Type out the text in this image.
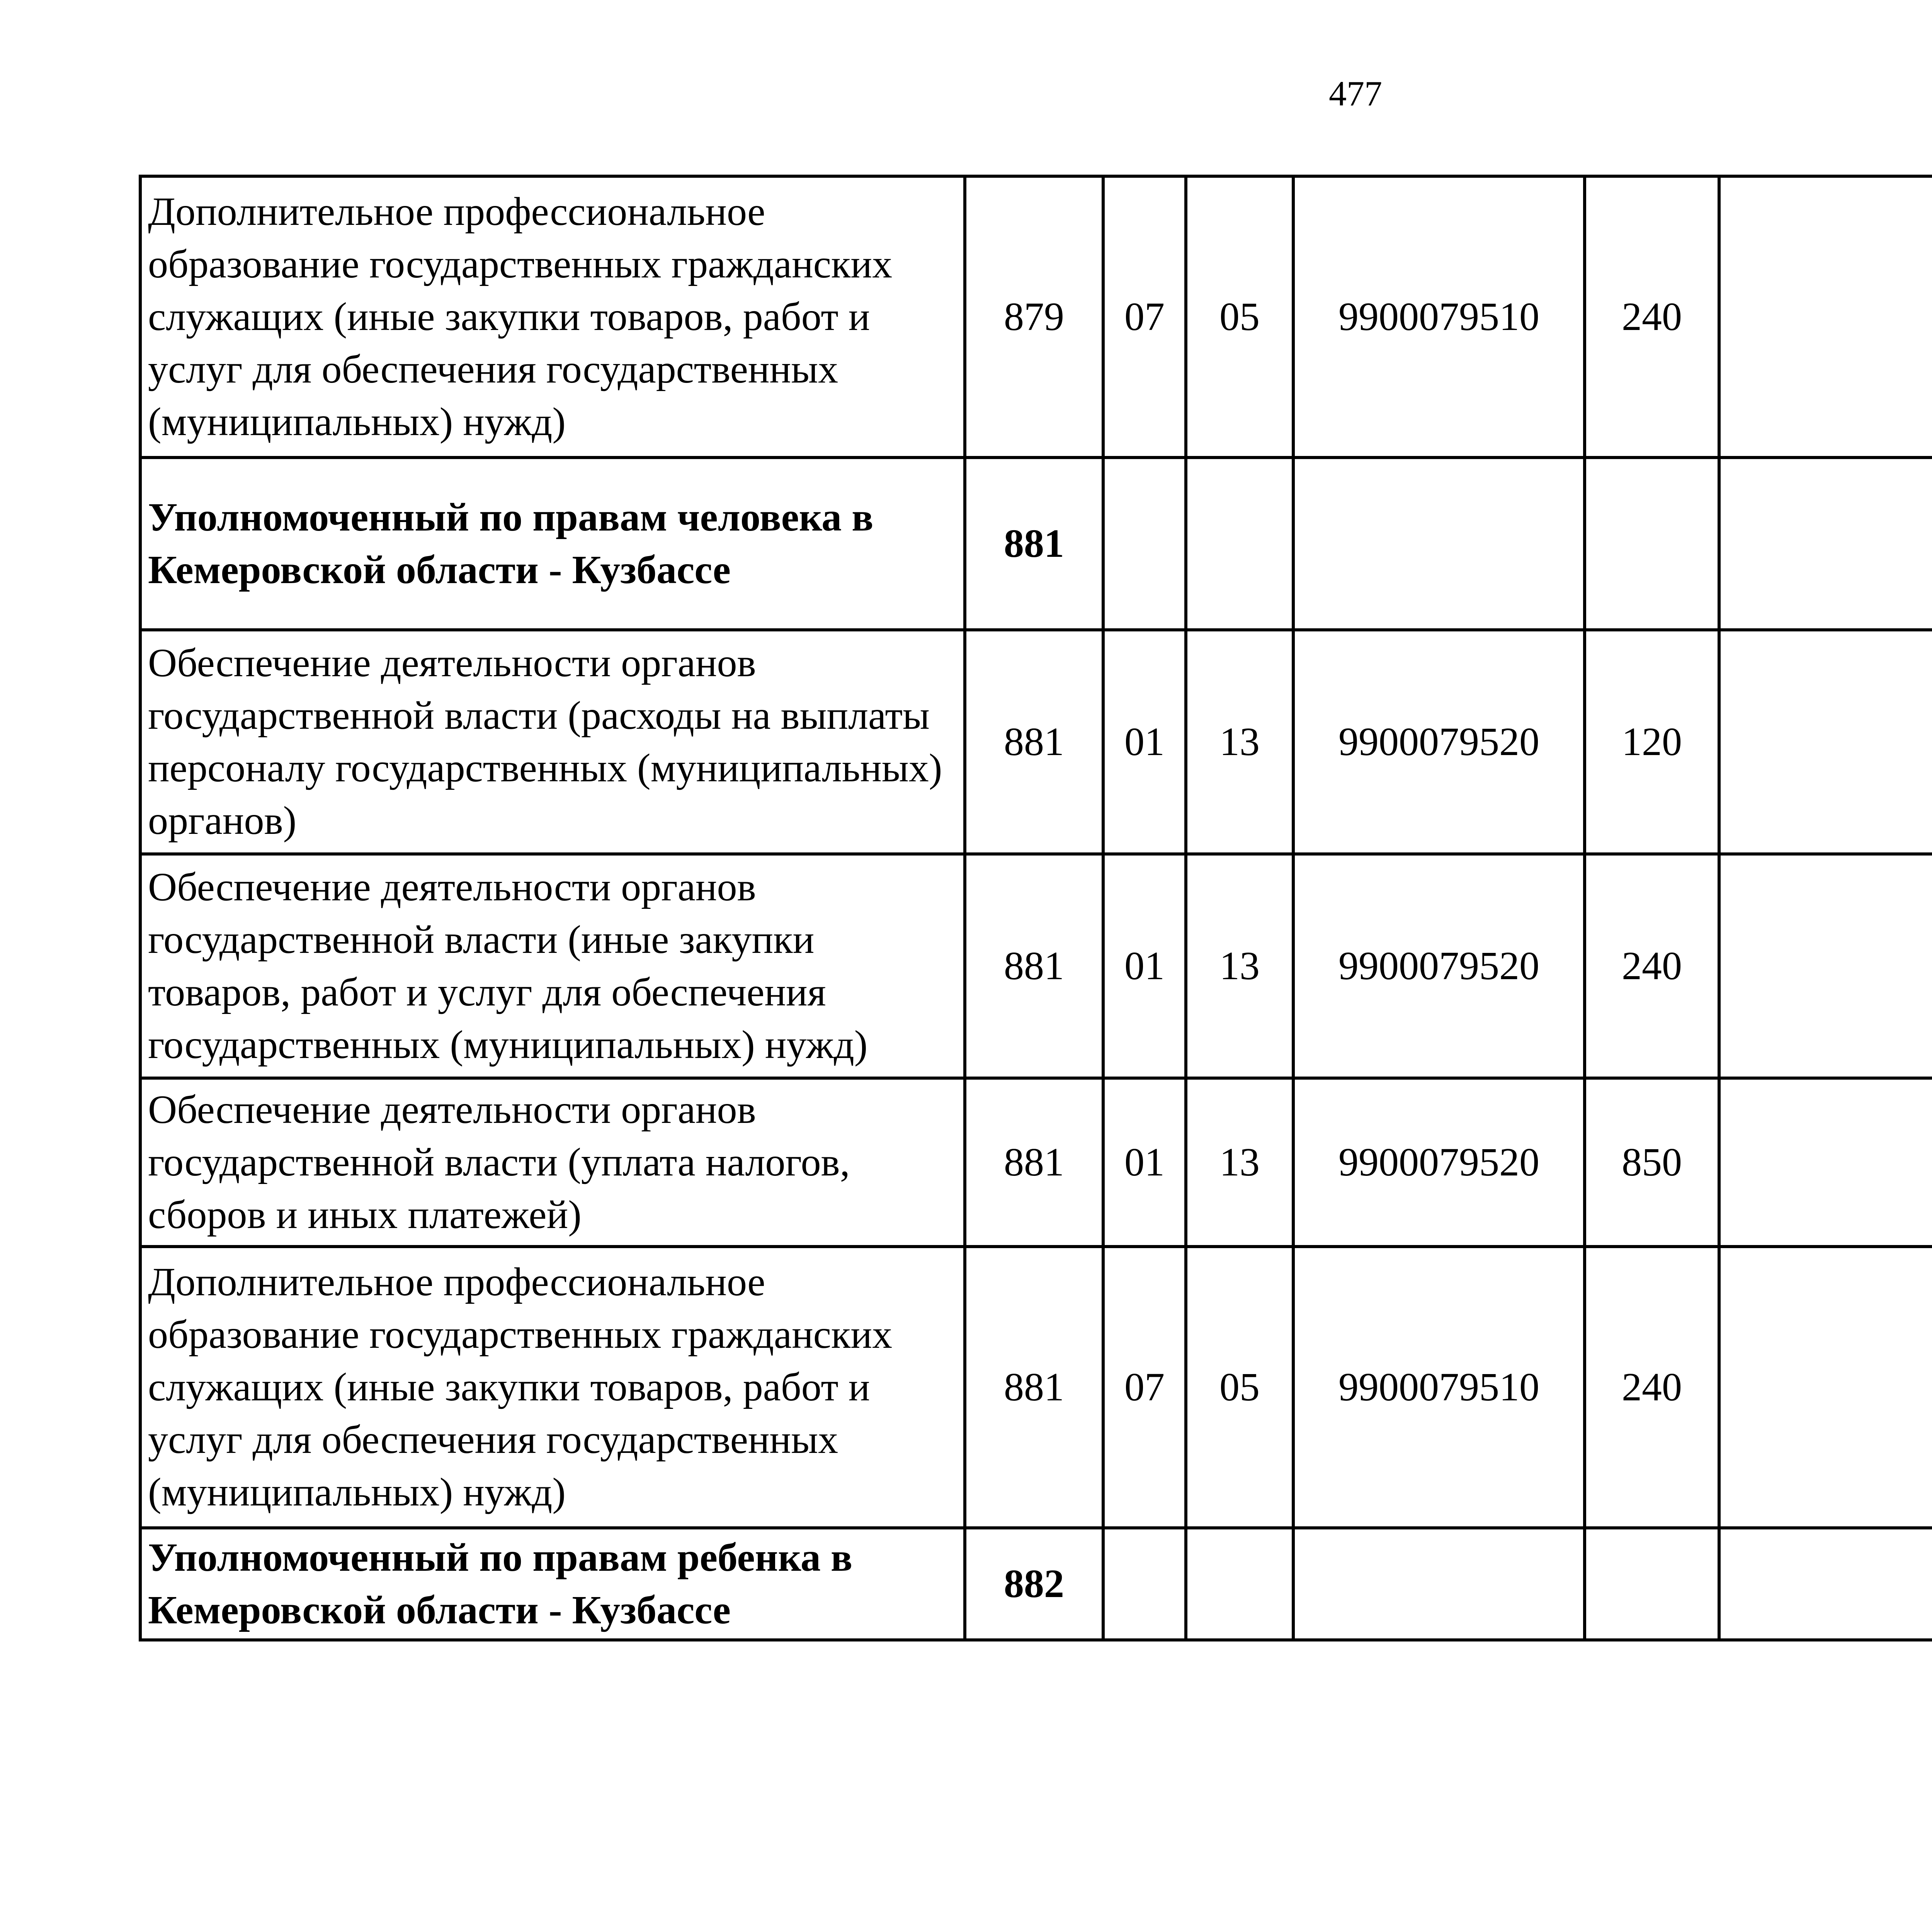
477
Дополнительное профессиональное образование государственных гражданских служащих (иные закупки товаров, работ и услуг для обеспечения государственных (муниципальных) нужд)	879	07	05	9900079510	240			
Уполномоченный по правам человека в Кемеровской области - Кузбассе	881							
Обеспечение деятельности органов государственной власти (расходы на выплаты персоналу государственных (муниципальных) органов)	881	01	13	9900079520	120			
Обеспечение деятельности органов государственной власти (иные закупки товаров, работ и услуг для обеспечения государственных (муниципальных) нужд)	881	01	13	9900079520	240			
Обеспечение деятельности органов государственной власти (уплата налогов, сборов и иных платежей)	881	01	13	9900079520	850			
Дополнительное профессиональное образование государственных гражданских служащих (иные закупки товаров, работ и услуг для обеспечения государственных (муниципальных) нужд)	881	07	05	9900079510	240			
Уполномоченный по правам ребенка в Кемеровской области - Кузбассе	882							
